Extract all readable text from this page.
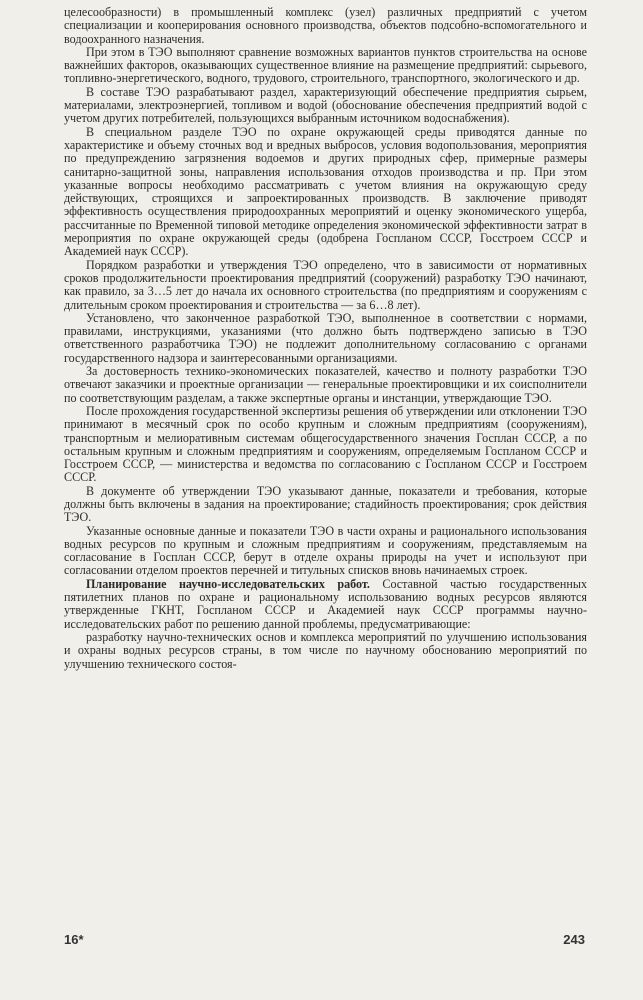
целесообразности) в промышленный комплекс (узел) различных предприятий с учетом специализации и кооперирования основного производства, объектов подсобно-вспомогательного и водоохранного назначения.

При этом в ТЭО выполняют сравнение возможных вариантов пунктов строительства на основе важнейших факторов, оказывающих существенное влияние на размещение предприятий: сырьевого, топливно-энергетического, водного, трудового, строительного, транспортного, экологического и др.

В составе ТЭО разрабатывают раздел, характеризующий обеспечение предприятия сырьем, материалами, электроэнергией, топливом и водой (обоснование обеспечения предприятий водой с учетом других потребителей, пользующихся выбранным источником водоснабжения).

В специальном разделе ТЭО по охране окружающей среды приводятся данные по характеристике и объему сточных вод и вредных выбросов, условия водопользования, мероприятия по предупреждению загрязнения водоемов и других природных сфер, примерные размеры санитарно-защитной зоны, направления использования отходов производства и пр. При этом указанные вопросы необходимо рассматривать с учетом влияния на окружающую среду действующих, строящихся и запроектированных производств. В заключение приводят эффективность осуществления природоохранных мероприятий и оценку экономического ущерба, рассчитанные по Временной типовой методике определения экономической эффективности затрат в мероприятия по охране окружающей среды (одобрена Госпланом СССР, Госстроем СССР и Академией наук СССР).

Порядком разработки и утверждения ТЭО определено, что в зависимости от нормативных сроков продолжительности проектирования предприятий (сооружений) разработку ТЭО начинают, как правило, за 3…5 лет до начала их основного строительства (по предприятиям и сооружениям с длительным сроком проектирования и строительства — за 6…8 лет).

Установлено, что законченное разработкой ТЭО, выполненное в соответствии с нормами, правилами, инструкциями, указаниями (что должно быть подтверждено записью в ТЭО ответственного разработчика ТЭО) не подлежит дополнительному согласованию с органами государственного надзора и заинтересованными организациями.

За достоверность технико-экономических показателей, качество и полноту разработки ТЭО отвечают заказчики и проектные организации — генеральные проектировщики и их соисполнители по соответствующим разделам, а также экспертные органы и инстанции, утверждающие ТЭО.

После прохождения государственной экспертизы решения об утверждении или отклонении ТЭО принимают в месячный срок по особо крупным и сложным предприятиям (сооружениям), транспортным и мелиоративным системам общегосударственного значения Госплан СССР, а по остальным крупным и сложным предприятиям и сооружениям, определяемым Госпланом СССР и Госстроем СССР, — министерства и ведомства по согласованию с Госпланом СССР и Госстроем СССР.

В документе об утверждении ТЭО указывают данные, показатели и требования, которые должны быть включены в задания на проектирование; стадийность проектирования; срок действия ТЭО.

Указанные основные данные и показатели ТЭО в части охраны и рационального использования водных ресурсов по крупным и сложным предприятиям и сооружениям, представляемым на согласование в Госплан СССР, берут в отделе охраны природы на учет и используют при согласовании отделом проектов перечней и титульных списков вновь начинаемых строек.

Планирование научно-исследовательских работ. Составной частью государственных пятилетних планов по охране и рациональному использованию водных ресурсов являются утвержденные ГКНТ, Госпланом СССР и Академией наук СССР программы научно-исследовательских работ по решению данной проблемы, предусматривающие:

разработку научно-технических основ и комплекса мероприятий по улучшению использования и охраны водных ресурсов страны, в том числе по научному обоснованию мероприятий по улучшению технического состоя-

16*	243
